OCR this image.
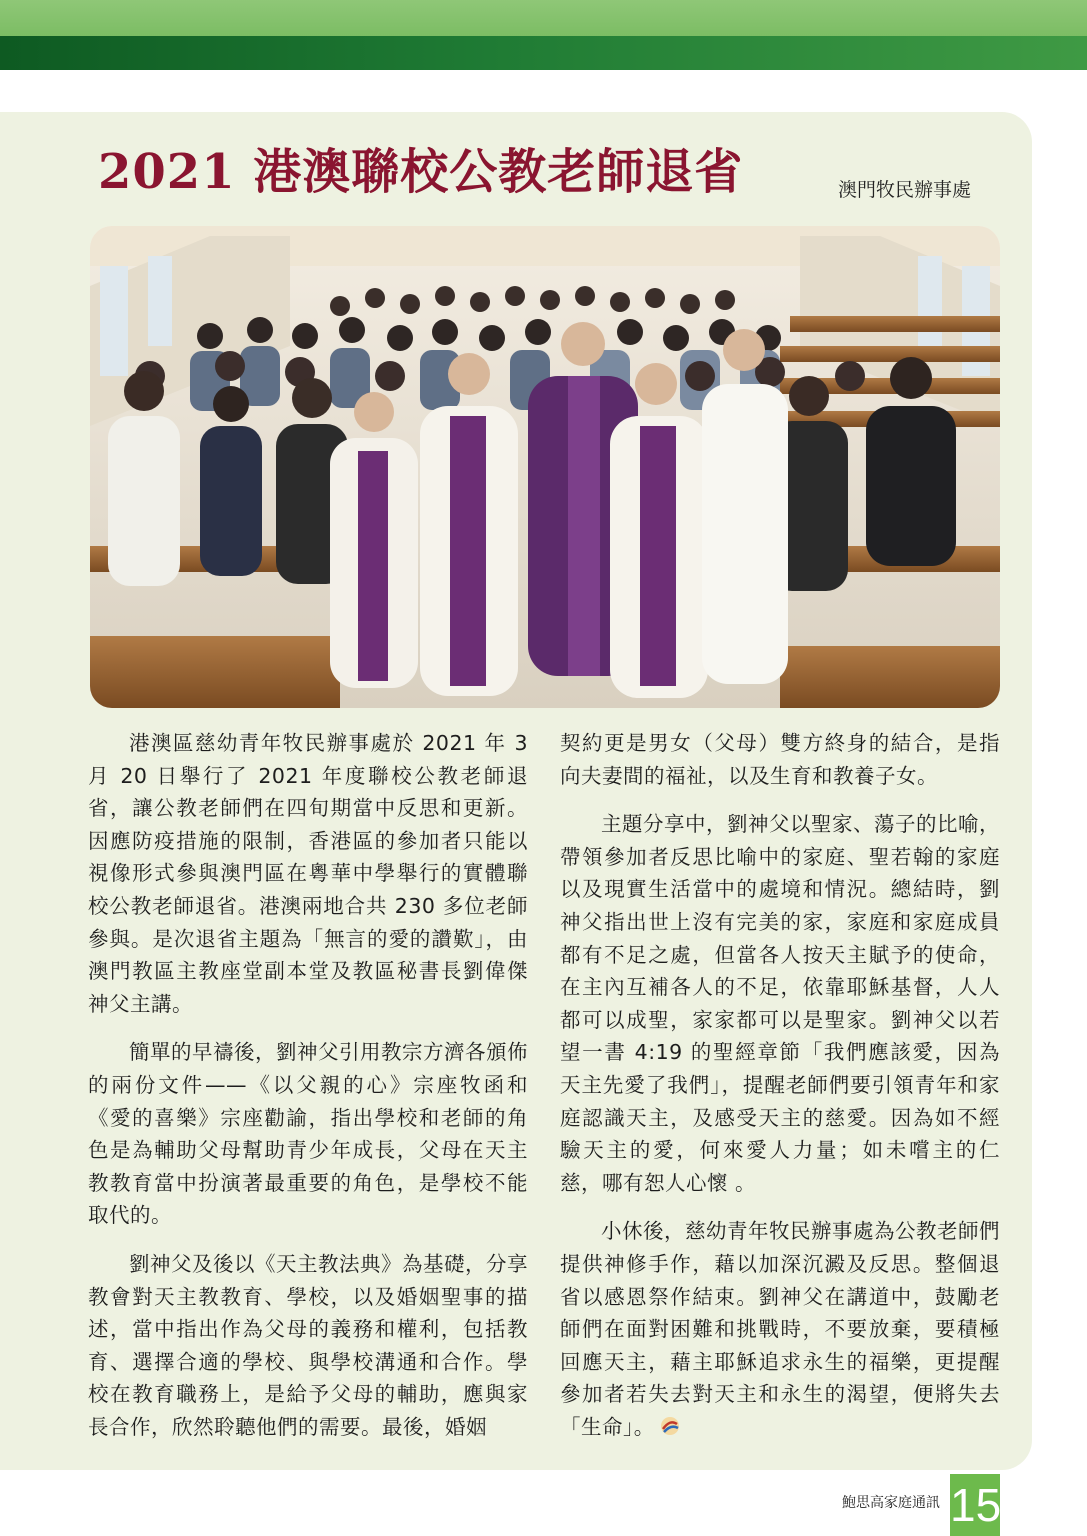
2021 港澳聯校公教老師退省	澳門牧民辦事處

港澳區慈幼青年牧民辦事處於 2021 年 3 月 20 日舉行了 2021 年度聯校公教老師退省，讓公教老師們在四旬期當中反思和更新。因應防疫措施的限制，香港區的參加者只能以視像形式參與澳門區在粵華中學舉行的實體聯校公教老師退省。港澳兩地合共 230 多位老師參與。是次退省主題為「無言的愛的讚歎」，由澳門教區主教座堂副本堂及教區秘書長劉偉傑神父主講。

簡單的早禱後，劉神父引用教宗方濟各頒佈的兩份文件——《以父親的心》宗座牧函和《愛的喜樂》宗座勸諭，指出學校和老師的角色是為輔助父母幫助青少年成長，父母在天主教教育當中扮演著最重要的角色，是學校不能取代的。

劉神父及後以《天主教法典》為基礎，分享教會對天主教教育、學校，以及婚姻聖事的描述，當中指出作為父母的義務和權利，包括教育、選擇合適的學校、與學校溝通和合作。學校在教育職務上，是給予父母的輔助，應與家長合作，欣然聆聽他們的需要。最後，婚姻

契約更是男女（父母）雙方終身的結合，是指向夫妻間的福祉，以及生育和教養子女。

主題分享中，劉神父以聖家、蕩子的比喻，帶領參加者反思比喻中的家庭、聖若翰的家庭以及現實生活當中的處境和情況。總結時，劉神父指出世上沒有完美的家，家庭和家庭成員都有不足之處，但當各人按天主賦予的使命，在主內互補各人的不足，依靠耶穌基督，人人都可以成聖，家家都可以是聖家。劉神父以若望一書 4:19 的聖經章節「我們應該愛，因為天主先愛了我們」，提醒老師們要引領青年和家庭認識天主，及感受天主的慈愛。因為如不經驗天主的愛，何來愛人力量；如未嚐主的仁慈，哪有恕人心懷 。

小休後，慈幼青年牧民辦事處為公教老師們提供神修手作，藉以加深沉澱及反思。整個退省以感恩祭作結束。劉神父在講道中，鼓勵老師們在面對困難和挑戰時，不要放棄，要積極回應天主，藉主耶穌追求永生的福樂，更提醒參加者若失去對天主和永生的渴望，便將失去「生命」。

鮑思高家庭通訊 15
